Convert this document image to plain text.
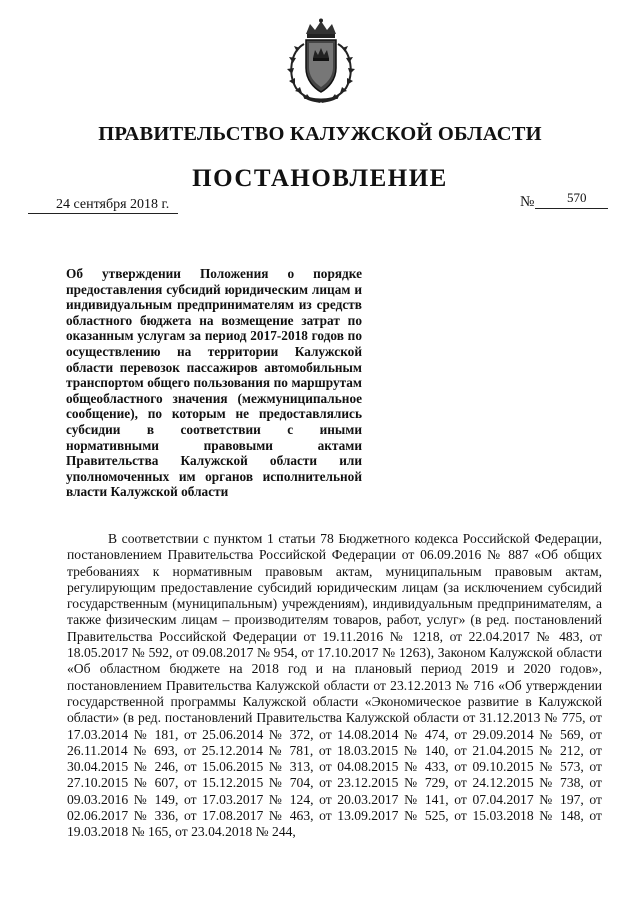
ПРАВИТЕЛЬСТВО КАЛУЖСКОЙ ОБЛАСТИ
ПОСТАНОВЛЕНИЕ
24 сентября 2018 г.	№	570
Об утверждении Положения о порядке предоставления субсидий юридическим лицам и индивидуальным предпринимателям из средств областного бюджета на возмещение затрат по оказанным услугам за период 2017-2018 годов по осуществлению на территории Калужской области перевозок пассажиров автомобильным транспортом общего пользования по маршрутам общеобластного значения (межмуниципальное сообщение), по которым не предоставлялись субсидии в соответствии с иными нормативными правовыми актами Правительства Калужской области или уполномоченных им органов исполнительной власти Калужской области
В соответствии с пунктом 1 статьи 78 Бюджетного кодекса Российской Федерации, постановлением Правительства Российской Федерации от 06.09.2016 № 887 «Об общих требованиях к нормативным правовым актам, муниципальным правовым актам, регулирующим предоставление субсидий юридическим лицам (за исключением субсидий государственным (муниципальным) учреждениям), индивидуальным предпринимателям, а также физическим лицам – производителям товаров, работ, услуг» (в ред. постановлений Правительства Российской Федерации от 19.11.2016 № 1218, от 22.04.2017 № 483, от 18.05.2017 № 592, от 09.08.2017 № 954, от 17.10.2017 № 1263), Законом Калужской области «Об областном бюджете на 2018 год и на плановый период 2019 и 2020 годов», постановлением Правительства Калужской области от 23.12.2013 № 716 «Об утверждении государственной программы Калужской области «Экономическое развитие в Калужской области» (в ред. постановлений Правительства Калужской области от 31.12.2013 № 775, от 17.03.2014 № 181, от 25.06.2014 № 372, от 14.08.2014 № 474, от 29.09.2014 № 569, от 26.11.2014 № 693, от 25.12.2014 № 781, от 18.03.2015 № 140, от 21.04.2015 № 212, от 30.04.2015 № 246, от 15.06.2015 № 313, от 04.08.2015 № 433, от 09.10.2015 № 573, от 27.10.2015 № 607, от 15.12.2015 № 704, от 23.12.2015 № 729, от 24.12.2015 № 738, от 09.03.2016 № 149, от 17.03.2017 № 124, от 20.03.2017 № 141, от 07.04.2017 № 197, от 02.06.2017 № 336, от 17.08.2017 № 463, от 13.09.2017 № 525, от 15.03.2018 № 148, от 19.03.2018 № 165, от 23.04.2018 № 244,
